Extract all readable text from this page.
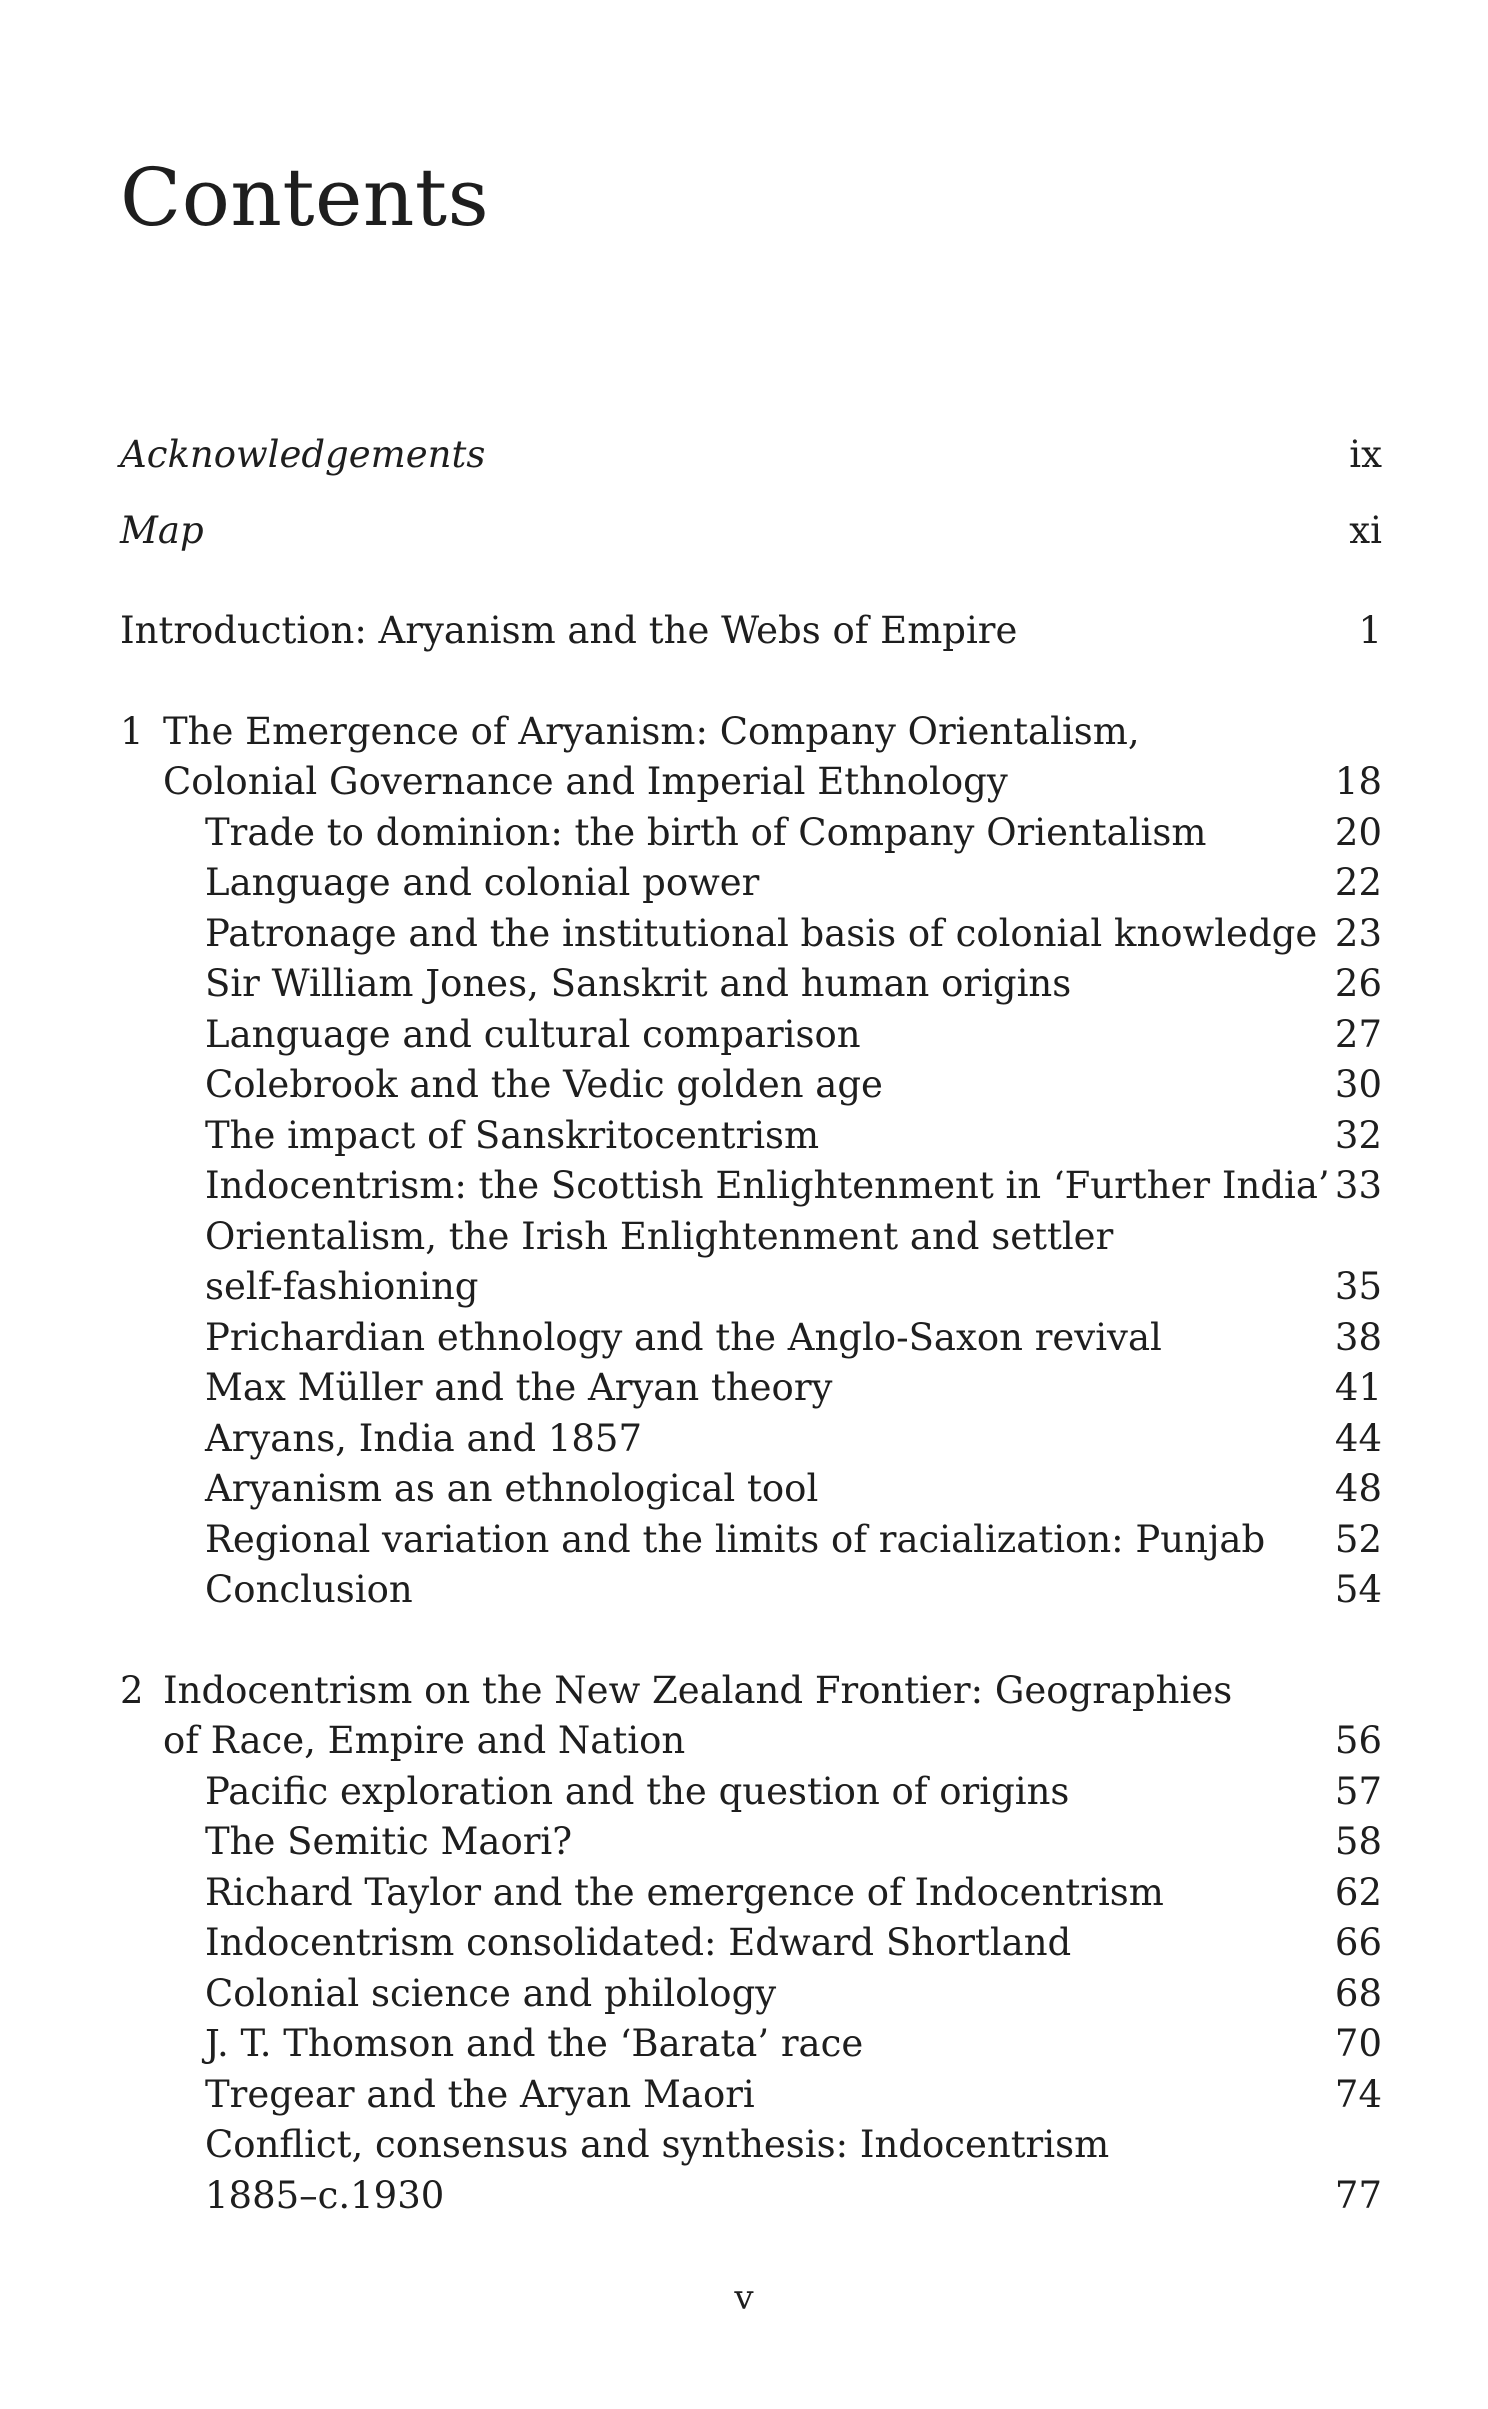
Contents
Acknowledgements	ix
Map	xi
Introduction: Aryanism and the Webs of Empire	1
1 The Emergence of Aryanism: Company Orientalism,
Colonial Governance and Imperial Ethnology	18
Trade to dominion: the birth of Company Orientalism	20
Language and colonial power	22
Patronage and the institutional basis of colonial knowledge 23
Sir William Jones, Sanskrit and human origins	26
Language and cultural comparison	27
Colebrook and the Vedic golden age	30
The impact of Sanskritocentrism	32
Indocentrism: the Scottish Enlightenment in ‘Further India’ 33
Orientalism, the Irish Enlightenment and settler
self-fashioning	35
Prichardian ethnology and the Anglo-Saxon revival	38
Max Müller and the Aryan theory	41
Aryans, India and 1857	44
Aryanism as an ethnological tool	48
Regional variation and the limits of racialization: Punjab 52
Conclusion	54
2 Indocentrism on the New Zealand Frontier: Geographies
of Race, Empire and Nation	56
Pacific exploration and the question of origins	57
The Semitic Maori?	58
Richard Taylor and the emergence of Indocentrism	62
Indocentrism consolidated: Edward Shortland	66
Colonial science and philology	68
J. T. Thomson and the ‘Barata’ race	70
Tregear and the Aryan Maori	74
Conflict, consensus and synthesis: Indocentrism
1885–c.1930	77
v
